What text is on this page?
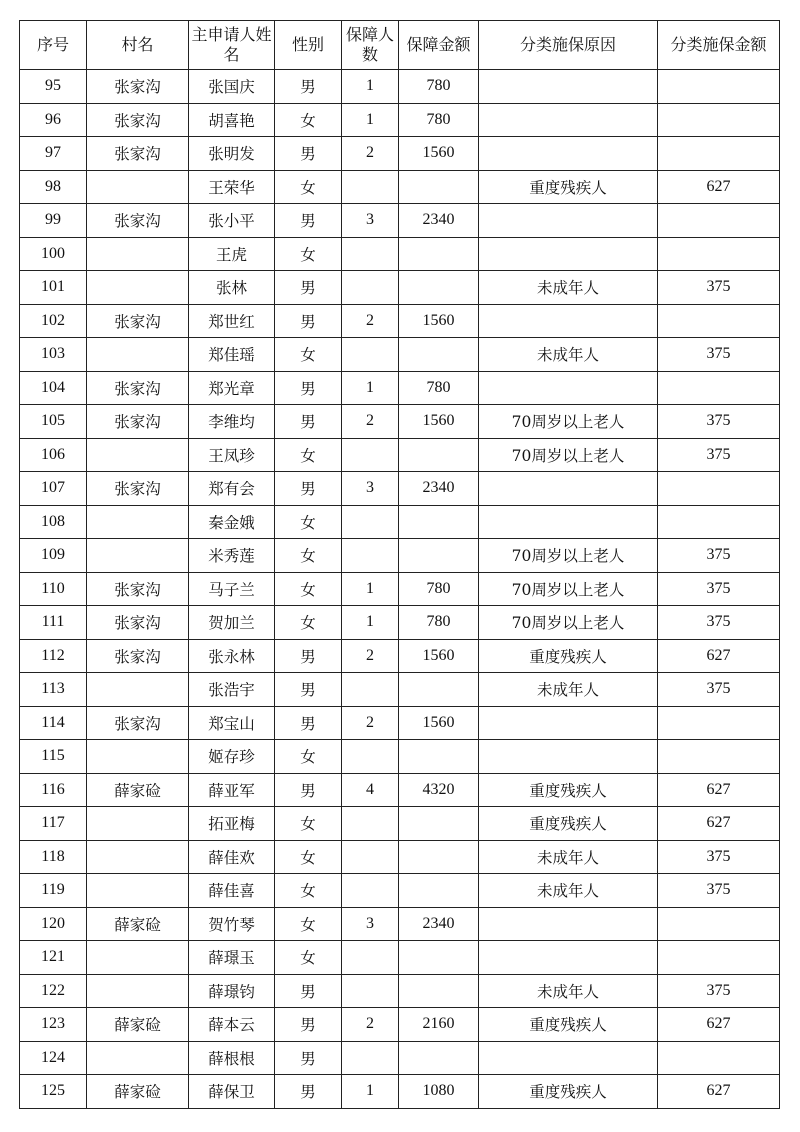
序号	村名	主申请人姓名	性别	保障人数	保障金额	分类施保原因	分类施保金额
95	张家沟	张国庆	男	1	780		
96	张家沟	胡喜艳	女	1	780		
97	张家沟	张明发	男	2	1560		
98		王荣华	女			重度残疾人	627
99	张家沟	张小平	男	3	2340		
100		王虎	女				
101		张林	男			未成年人	375
102	张家沟	郑世红	男	2	1560		
103		郑佳瑶	女			未成年人	375
104	张家沟	郑光章	男	1	780		
105	张家沟	李维均	男	2	1560	70周岁以上老人	375
106		王凤珍	女			70周岁以上老人	375
107	张家沟	郑有会	男	3	2340		
108		秦金娥	女				
109		米秀莲	女			70周岁以上老人	375
110	张家沟	马子兰	女	1	780	70周岁以上老人	375
111	张家沟	贺加兰	女	1	780	70周岁以上老人	375
112	张家沟	张永林	男	2	1560	重度残疾人	627
113		张浩宇	男			未成年人	375
114	张家沟	郑宝山	男	2	1560		
115		姬存珍	女				
116	薛家硷	薛亚军	男	4	4320	重度残疾人	627
117		拓亚梅	女			重度残疾人	627
118		薛佳欢	女			未成年人	375
119		薛佳喜	女			未成年人	375
120	薛家硷	贺竹琴	女	3	2340		
121		薛璟玉	女				
122		薛璟钧	男			未成年人	375
123	薛家硷	薛本云	男	2	2160	重度残疾人	627
124		薛根根	男				
125	薛家硷	薛保卫	男	1	1080	重度残疾人	627
